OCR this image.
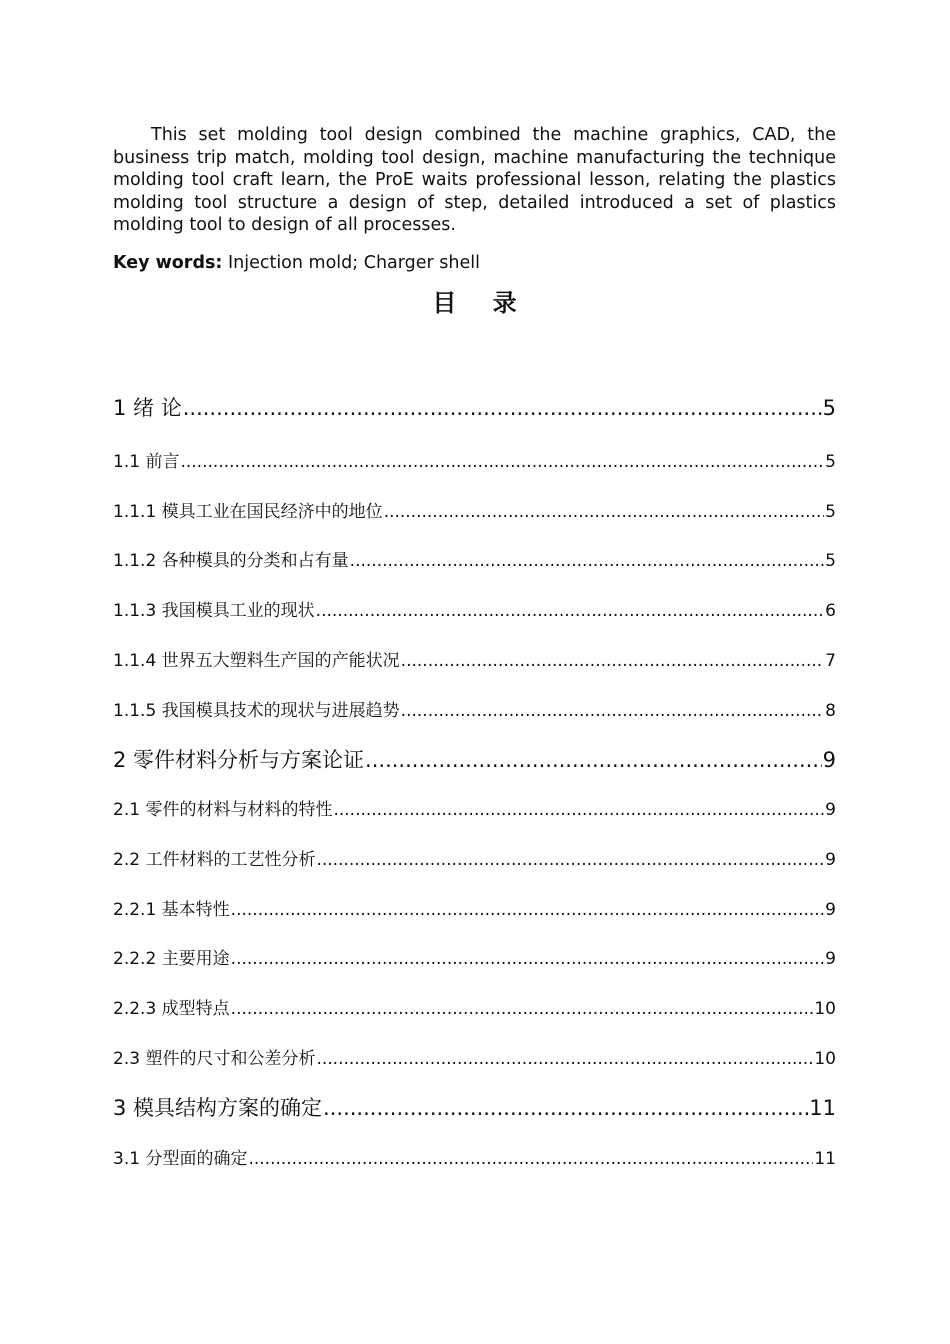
This set molding tool design combined the machine graphics, CAD, the business trip match, molding tool design, machine manufacturing the technique molding tool craft learn, the ProE waits professional lesson, relating the plastics molding tool structure a design of step, detailed introduced a set of plastics molding tool to design of all processes.

Key words: Injection mold; Charger shell

目 录
1 绪 论 .....	5
1.1 前言 .....	5
1.1.1 模具工业在国民经济中的地位 .....	5
1.1.2 各种模具的分类和占有量 .....	5
1.1.3 我国模具工业的现状 .....	6
1.1.4 世界五大塑料生产国的产能状况 .....	7
1.1.5 我国模具技术的现状与进展趋势 .....	8
2 零件材料分析与方案论证 .....	9
2.1 零件的材料与材料的特性 .....	9
2.2 工件材料的工艺性分析 .....	9
2.2.1 基本特性 .....	9
2.2.2 主要用途 .....	9
2.2.3 成型特点 .....	10
2.3 塑件的尺寸和公差分析 .....	10
3 模具结构方案的确定 .....	11
3.1 分型面的确定 .....	11
